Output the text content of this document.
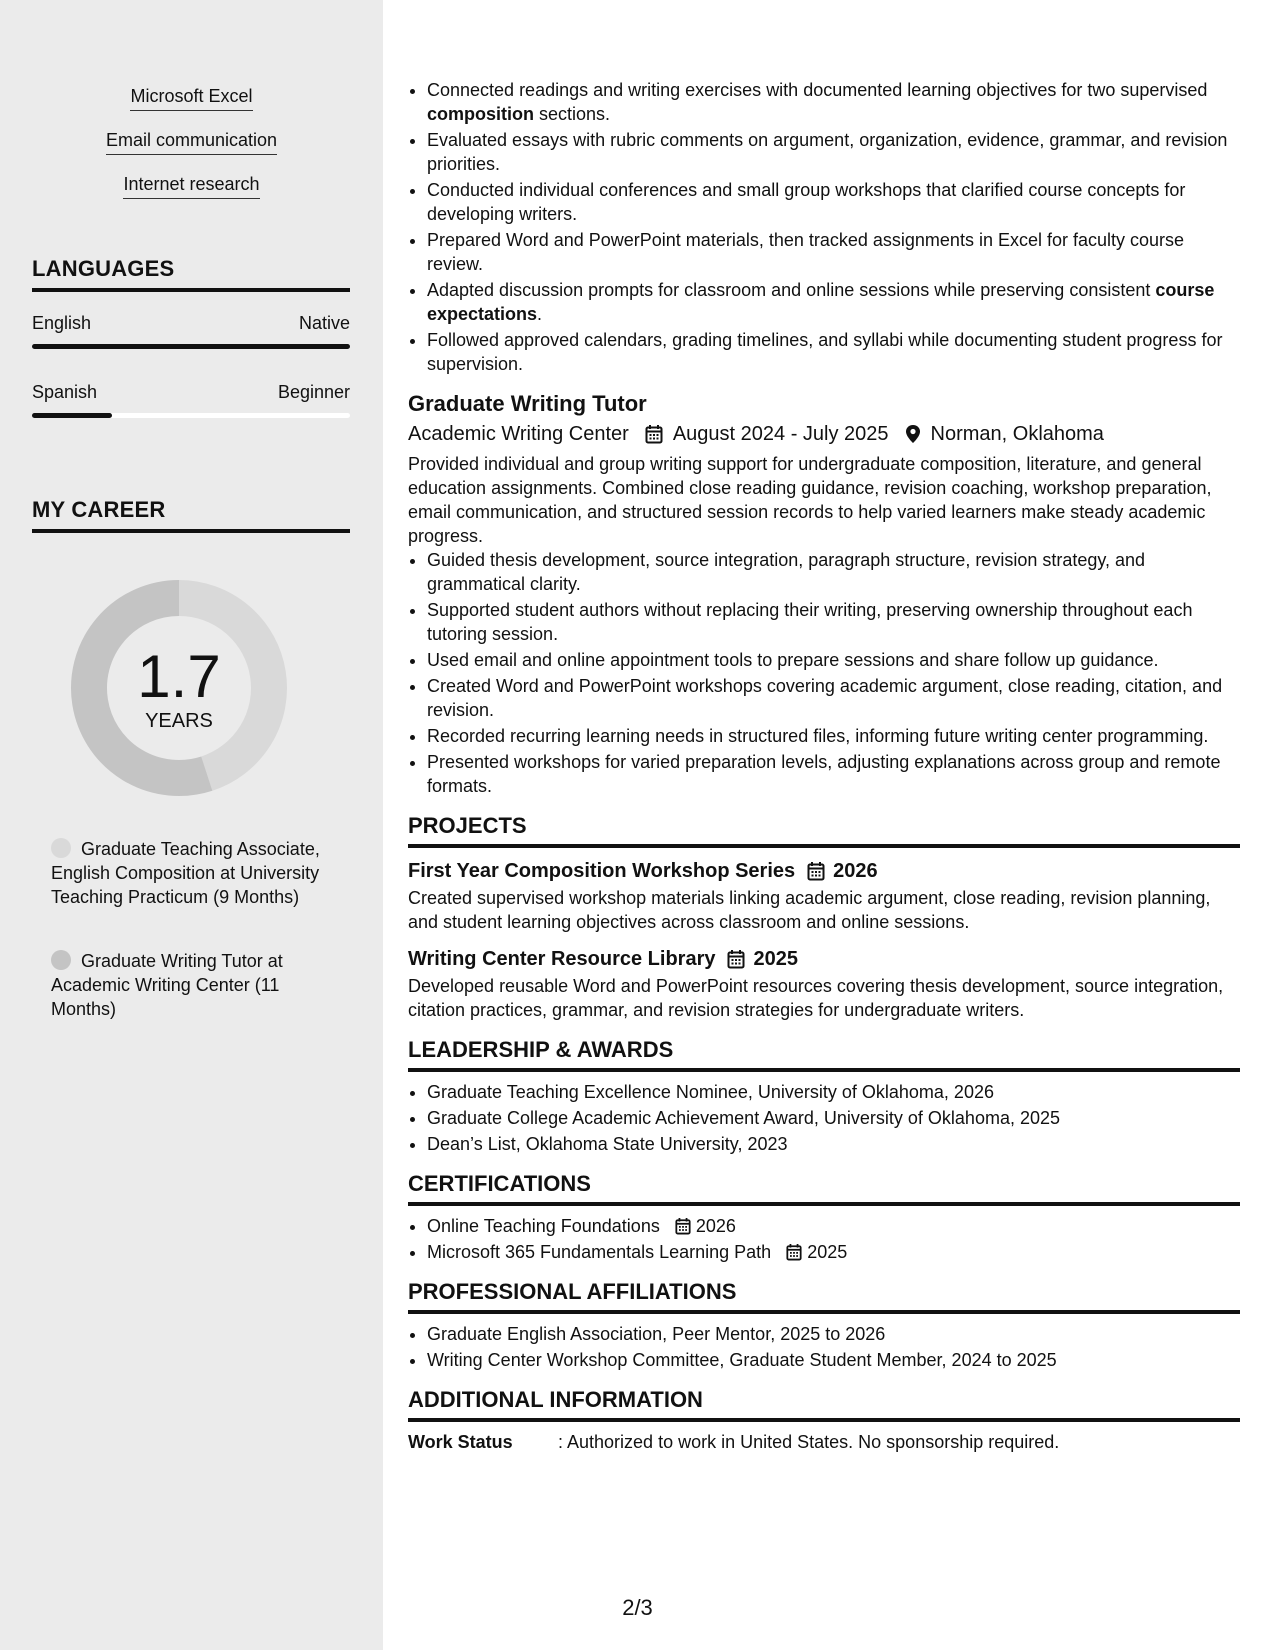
Microsoft Excel
Email communication
Internet research
LANGUAGES
English	Native
Spanish	Beginner
MY CAREER
1.7
YEARS
Graduate Teaching Associate, English Composition at University Teaching Practicum (9 Months)
Graduate Writing Tutor at Academic Writing Center (11 Months)
• Connected readings and writing exercises with documented learning objectives for two supervised composition sections.
• Evaluated essays with rubric comments on argument, organization, evidence, grammar, and revision priorities.
• Conducted individual conferences and small group workshops that clarified course concepts for developing writers.
• Prepared Word and PowerPoint materials, then tracked assignments in Excel for faculty course review.
• Adapted discussion prompts for classroom and online sessions while preserving consistent course expectations.
• Followed approved calendars, grading timelines, and syllabi while documenting student progress for supervision.
Graduate Writing Tutor
Academic Writing Center August 2024 - July 2025 Norman, Oklahoma
Provided individual and group writing support for undergraduate composition, literature, and general education assignments. Combined close reading guidance, revision coaching, workshop preparation, email communication, and structured session records to help varied learners make steady academic progress.
• Guided thesis development, source integration, paragraph structure, revision strategy, and grammatical clarity.
• Supported student authors without replacing their writing, preserving ownership throughout each tutoring session.
• Used email and online appointment tools to prepare sessions and share follow up guidance.
• Created Word and PowerPoint workshops covering academic argument, close reading, citation, and revision.
• Recorded recurring learning needs in structured files, informing future writing center programming.
• Presented workshops for varied preparation levels, adjusting explanations across group and remote formats.
PROJECTS
First Year Composition Workshop Series 2026
Created supervised workshop materials linking academic argument, close reading, revision planning, and student learning objectives across classroom and online sessions.
Writing Center Resource Library 2025
Developed reusable Word and PowerPoint resources covering thesis development, source integration, citation practices, grammar, and revision strategies for undergraduate writers.
LEADERSHIP & AWARDS
• Graduate Teaching Excellence Nominee, University of Oklahoma, 2026
• Graduate College Academic Achievement Award, University of Oklahoma, 2025
• Dean’s List, Oklahoma State University, 2023
CERTIFICATIONS
• Online Teaching Foundations 2026
• Microsoft 365 Fundamentals Learning Path 2025
PROFESSIONAL AFFILIATIONS
• Graduate English Association, Peer Mentor, 2025 to 2026
• Writing Center Workshop Committee, Graduate Student Member, 2024 to 2025
ADDITIONAL INFORMATION
Work Status	: Authorized to work in United States. No sponsorship required.
2/3
